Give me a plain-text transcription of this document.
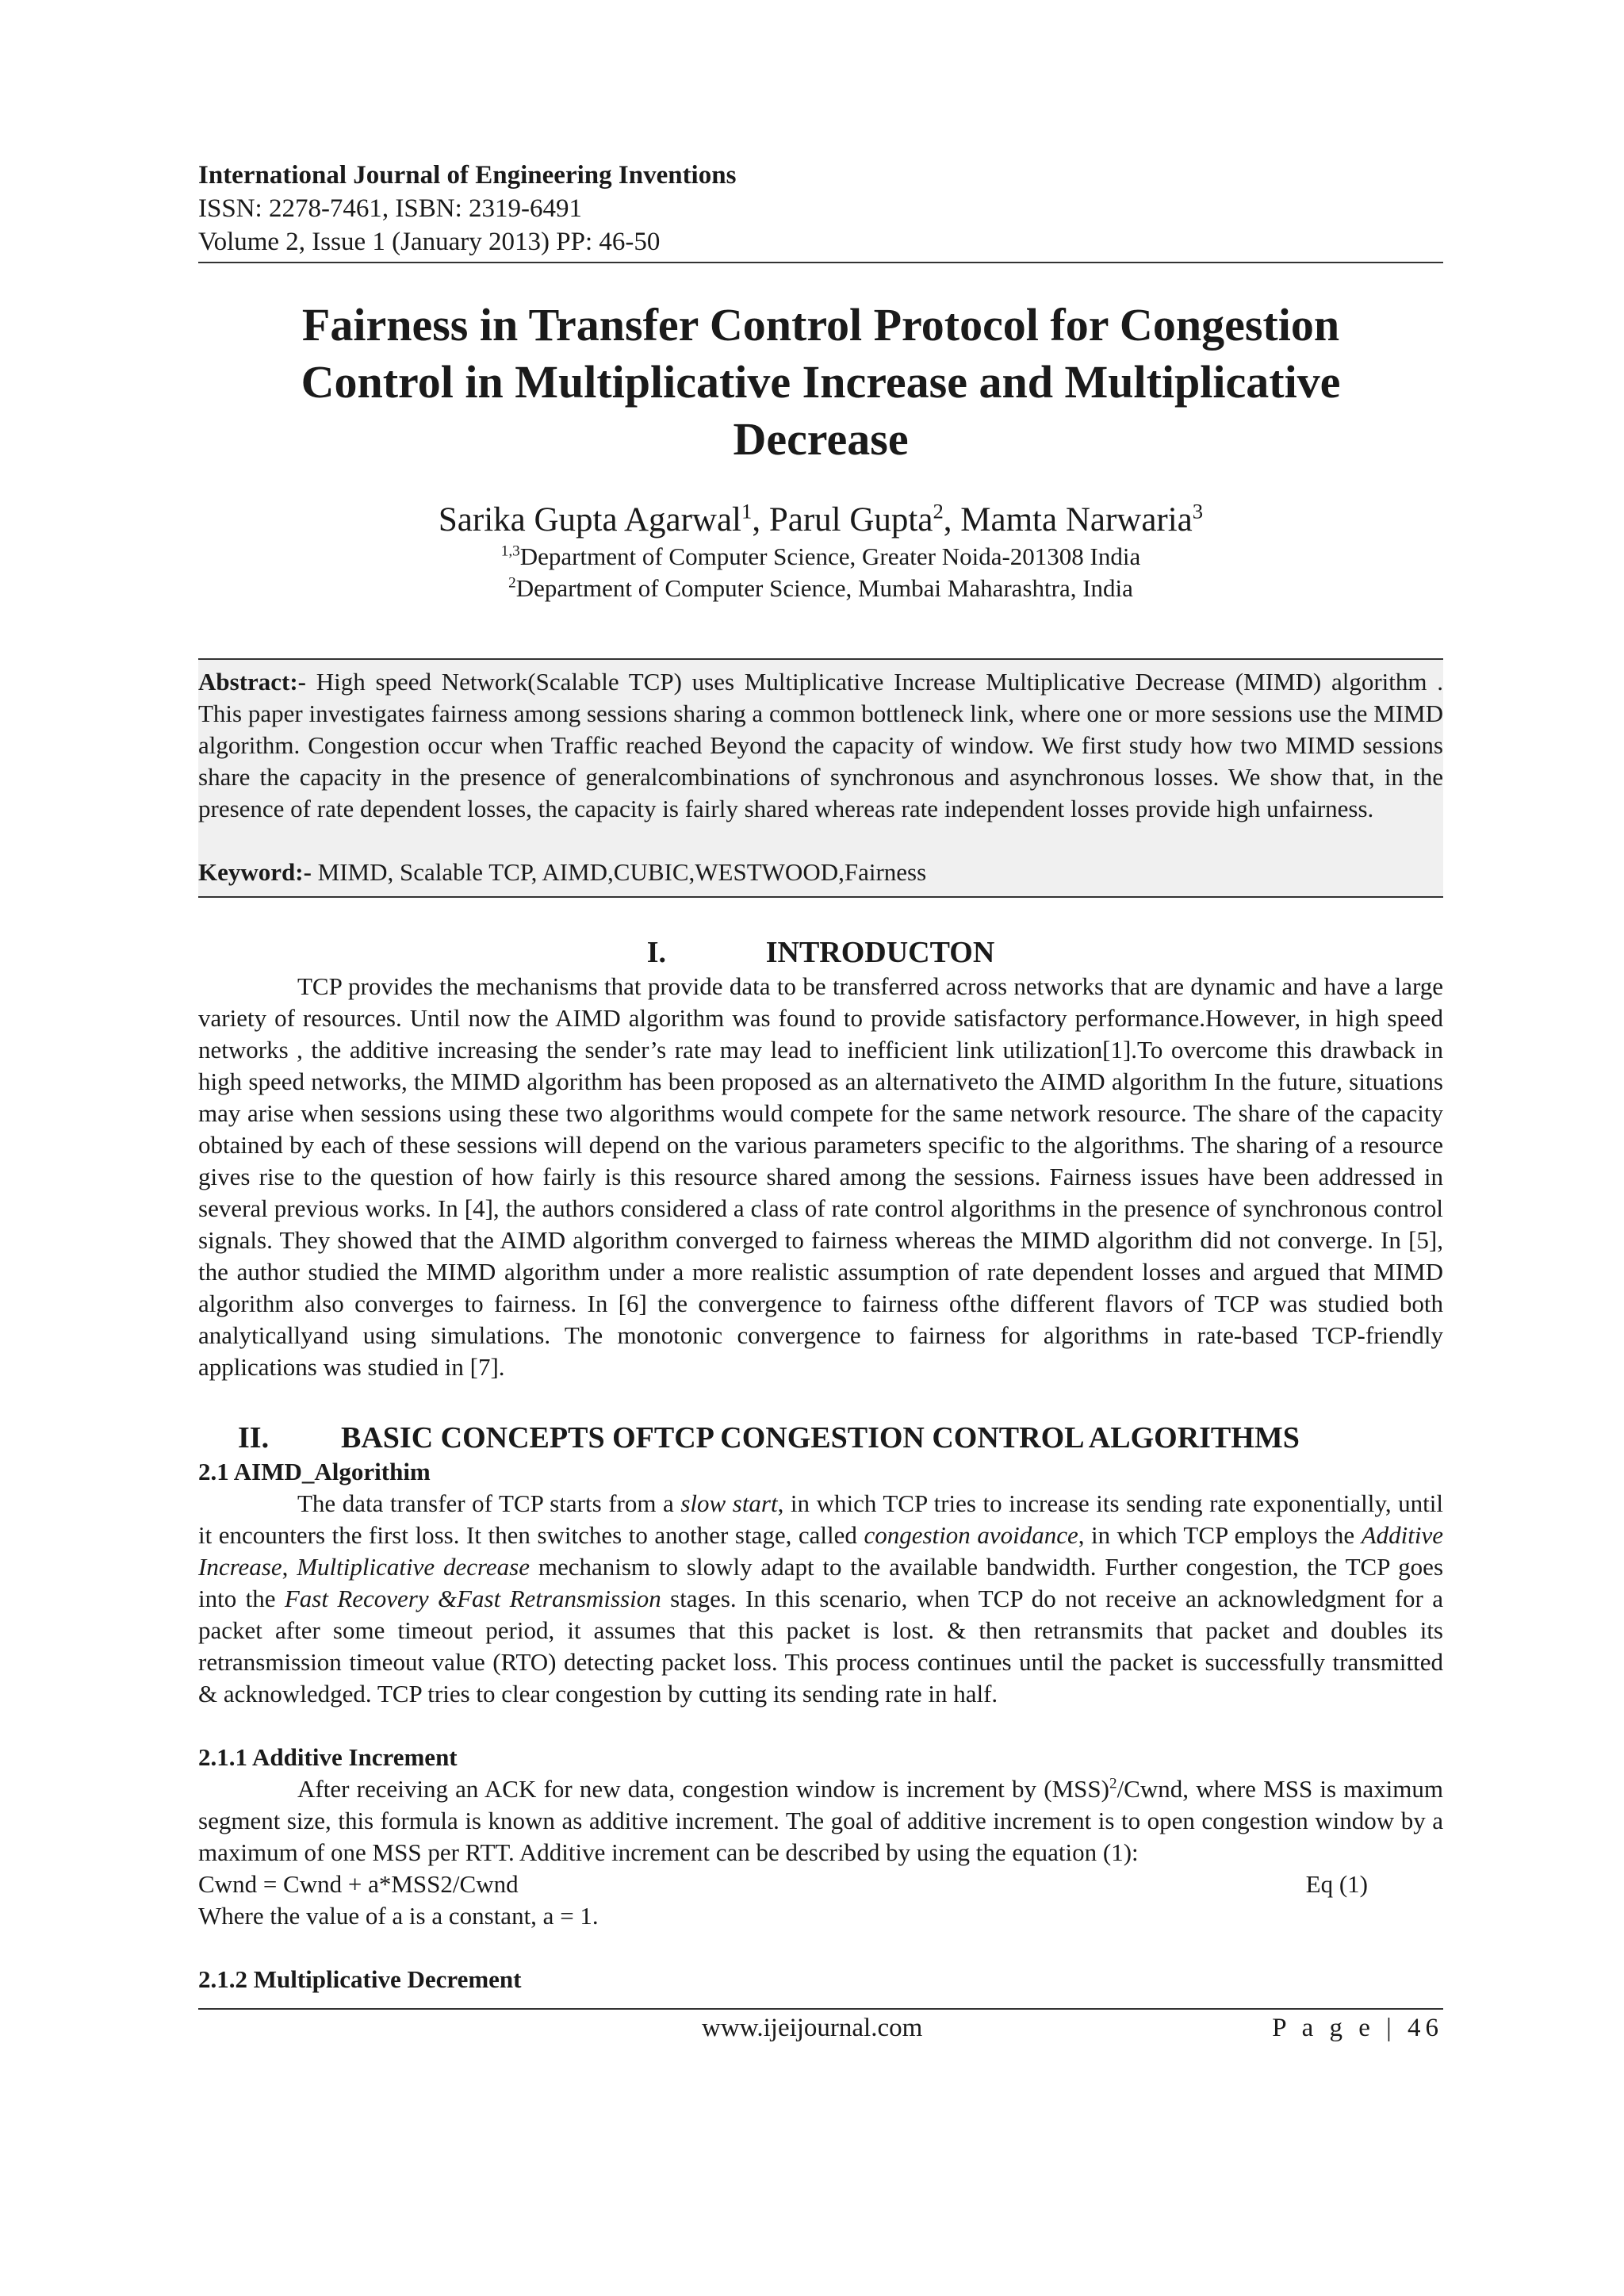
International Journal of Engineering Inventions
ISSN: 2278-7461, ISBN: 2319-6491
Volume 2, Issue 1 (January 2013) PP: 46-50
Fairness in Transfer Control Protocol for Congestion Control in Multiplicative Increase and Multiplicative Decrease
Sarika Gupta Agarwal$^1$, Parul Gupta$^2$, Mamta Narwaria$^3$
$^{1,3}$Department of Computer Science, Greater Noida-201308 India
$^2$Department of Computer Science, Mumbai Maharashtra, India

Abstract:- High speed Network(Scalable TCP) uses Multiplicative Increase Multiplicative Decrease (MIMD) algorithm . This paper investigates fairness among sessions sharing a common bottleneck link, where one or more sessions use the MIMD algorithm. Congestion occur when Traffic reached Beyond the capacity of window. We first study how two MIMD sessions share the capacity in the presence of generalcombinations of synchronous and asynchronous losses. We show that, in the presence of rate dependent losses, the capacity is fairly shared whereas rate independent losses provide high unfairness.

Keyword:- MIMD, Scalable TCP, AIMD,CUBIC,WESTWOOD,Fairness

I.	INTRODUCTON

TCP provides the mechanisms that provide data to be transferred across networks that are dynamic and have a large variety of resources. Until now the AIMD algorithm was found to provide satisfactory performance.However, in high speed networks , the additive increasing the sender’s rate may lead to inefficient link utilization[1].To overcome this drawback in high speed networks, the MIMD algorithm has been proposed as an alternativeto the AIMD algorithm In the future, situations may arise when sessions using these two algorithms would compete for the same network resource. The share of the capacity obtained by each of these sessions will depend on the various parameters specific to the algorithms. The sharing of a resource gives rise to the question of how fairly is this resource shared among the sessions. Fairness issues have been addressed in several previous works. In [4], the authors considered a class of rate control algorithms in the presence of synchronous control signals. They showed that the AIMD algorithm converged to fairness whereas the MIMD algorithm did not converge. In [5], the author studied the MIMD algorithm under a more realistic assumption of rate dependent losses and argued that MIMD algorithm also converges to fairness. In [6] the convergence to fairness ofthe different flavors of TCP was studied both analyticallyand using simulations. The monotonic convergence to fairness for algorithms in rate-based TCP-friendly applications was studied in [7].

II. BASIC CONCEPTS OFTCP CONGESTION CONTROL ALGORITHMS
2.1 AIMD_Algorithim

The data transfer of TCP starts from a slow start, in which TCP tries to increase its sending rate exponentially, until it encounters the first loss. It then switches to another stage, called congestion avoidance, in which TCP employs the Additive Increase, Multiplicative decrease mechanism to slowly adapt to the available bandwidth. Further congestion, the TCP goes into the Fast Recovery &Fast Retransmission stages. In this scenario, when TCP do not receive an acknowledgment for a packet after some timeout period, it assumes that this packet is lost. & then retransmits that packet and doubles its retransmission timeout value (RTO) detecting packet loss. This process continues until the packet is successfully transmitted & acknowledged. TCP tries to clear congestion by cutting its sending rate in half.

2.1.1 Additive Increment

After receiving an ACK for new data, congestion window is increment by (MSS)$^2$/Cwnd, where MSS is maximum segment size, this formula is known as additive increment. The goal of additive increment is to open congestion window by a maximum of one MSS per RTT. Additive increment can be described by using the equation (1):

Cwnd = Cwnd + a*MSS2/Cwnd	Eq (1)

Where the value of a is a constant, a = 1.

2.1.2 Multiplicative Decrement
www.ijeijournal.com	P a g e | 46
